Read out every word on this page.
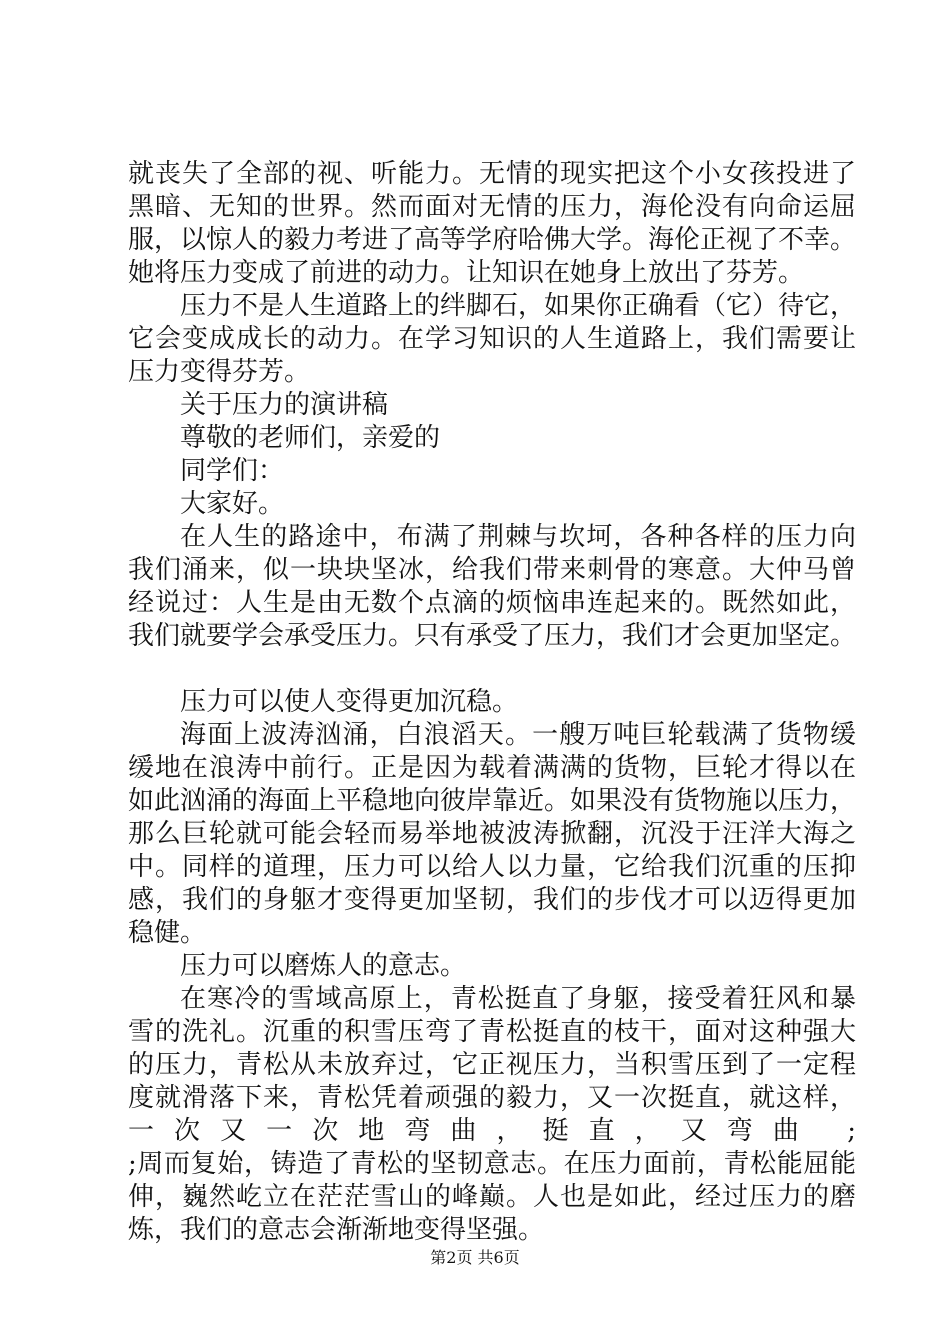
就丧失了全部的视、听能力。无情的现实把这个小女孩投进了
黑暗、无知的世界。然而面对无情的压力，海伦没有向命运屈
服，以惊人的毅力考进了高等学府哈佛大学。海伦正视了不幸。
她将压力变成了前进的动力。让知识在她身上放出了芬芳。
压力不是人生道路上的绊脚石，如果你正确看（它）待它，
它会变成成长的动力。在学习知识的人生道路上，我们需要让
压力变得芬芳。
关于压力的演讲稿
尊敬的老师们，亲爱的
同学们：
大家好。
在人生的路途中，布满了荆棘与坎坷，各种各样的压力向
我们涌来，似一块块坚冰，给我们带来刺骨的寒意。大仲马曾
经说过：人生是由无数个点滴的烦恼串连起来的。既然如此，
我们就要学会承受压力。只有承受了压力，我们才会更加坚定。
压力可以使人变得更加沉稳。
海面上波涛汹涌，白浪滔天。一艘万吨巨轮载满了货物缓
缓地在浪涛中前行。正是因为载着满满的货物，巨轮才得以在
如此汹涌的海面上平稳地向彼岸靠近。如果没有货物施以压力，
那么巨轮就可能会轻而易举地被波涛掀翻，沉没于汪洋大海之
中。同样的道理，压力可以给人以力量，它给我们沉重的压抑
感，我们的身躯才变得更加坚韧，我们的步伐才可以迈得更加
稳健。
压力可以磨炼人的意志。
在寒冷的雪域高原上，青松挺直了身躯，接受着狂风和暴
雪的洗礼。沉重的积雪压弯了青松挺直的枝干，面对这种强大
的压力，青松从未放弃过，它正视压力，当积雪压到了一定程
度就滑落下来，青松凭着顽强的毅力，又一次挺直，就这样，
一次又一次地弯曲，挺直，又弯曲 ;
;周而复始，铸造了青松的坚韧意志。在压力面前，青松能屈能
伸，巍然屹立在茫茫雪山的峰巅。人也是如此，经过压力的磨
炼，我们的意志会渐渐地变得坚强。
第2页 共6页
